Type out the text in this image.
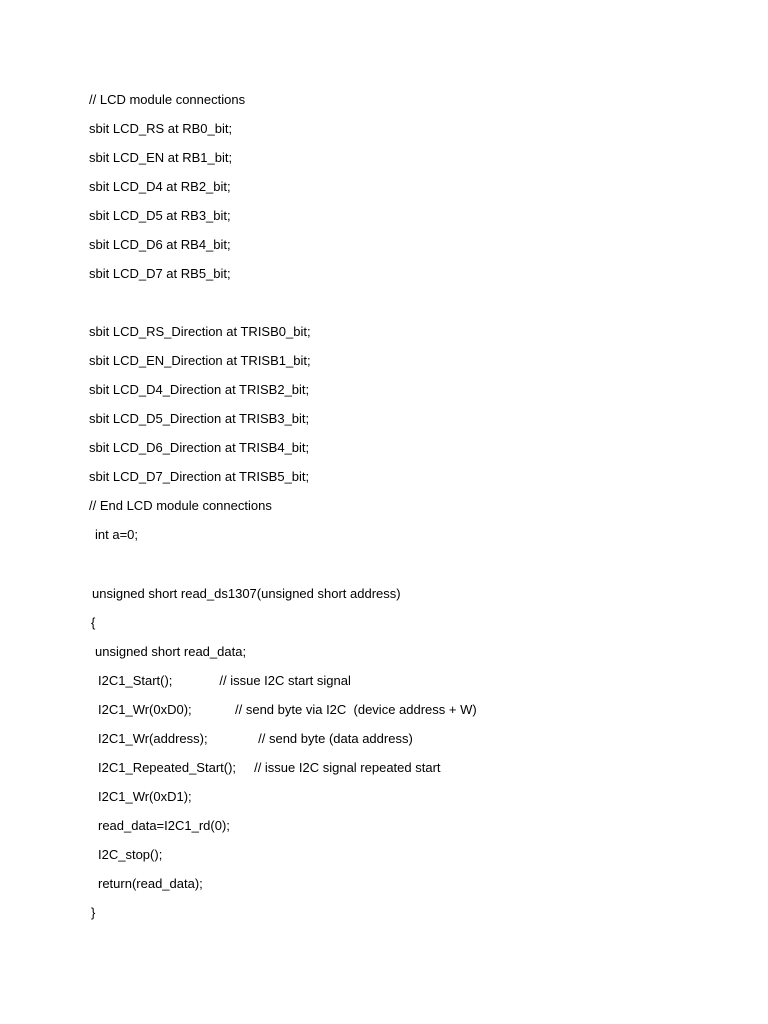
// LCD module connections

sbit LCD_RS at RB0_bit;

sbit LCD_EN at RB1_bit;

sbit LCD_D4 at RB2_bit;

sbit LCD_D5 at RB3_bit;

sbit LCD_D6 at RB4_bit;

sbit LCD_D7 at RB5_bit;

sbit LCD_RS_Direction at TRISB0_bit;

sbit LCD_EN_Direction at TRISB1_bit;

sbit LCD_D4_Direction at TRISB2_bit;

sbit LCD_D5_Direction at TRISB3_bit;

sbit LCD_D6_Direction at TRISB4_bit;

sbit LCD_D7_Direction at TRISB5_bit;

// End LCD module connections

int a=0;

unsigned short read_ds1307(unsigned short address)

{

unsigned short read_data;

I2C1_Start();             // issue I2C start signal

I2C1_Wr(0xD0);            // send byte via I2C  (device address + W)

I2C1_Wr(address);              // send byte (data address)

I2C1_Repeated_Start();     // issue I2C signal repeated start

I2C1_Wr(0xD1);

read_data=I2C1_rd(0);

I2C_stop();

return(read_data);

}
